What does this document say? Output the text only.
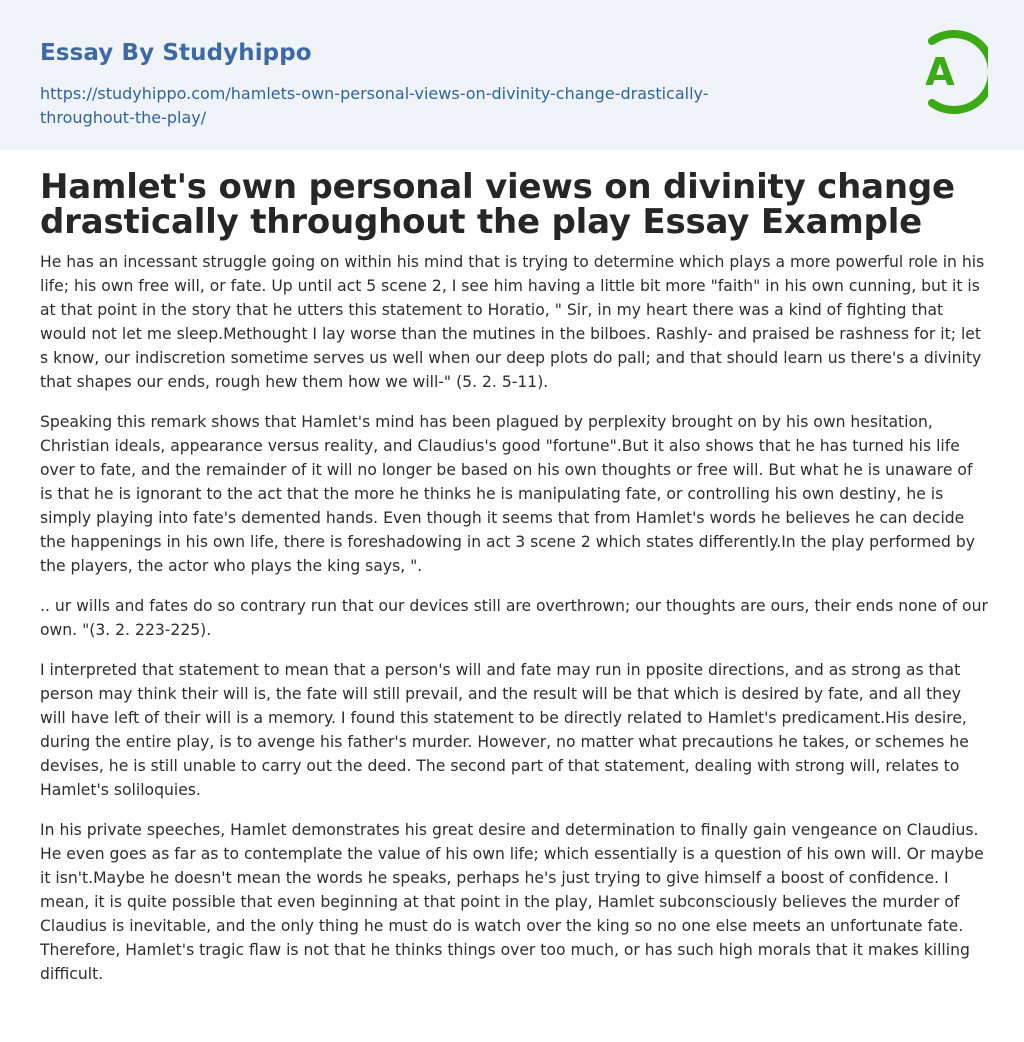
Essay By Studyhippo
https://studyhippo.com/hamlets-own-personal-views-on-divinity-change-drastically-throughout-the-play/
A
Hamlet's own personal views on divinity change drastically throughout the play Essay Example

He has an incessant struggle going on within his mind that is trying to determine which plays a more powerful role in his life; his own free will, or fate. Up until act 5 scene 2, I see him having a little bit more "faith" in his own cunning, but it is at that point in the story that he utters this statement to Horatio, " Sir, in my heart there was a kind of fighting that would not let me sleep.Methought I lay worse than the mutines in the bilboes. Rashly- and praised be rashness for it; let s know, our indiscretion sometime serves us well when our deep plots do pall; and that should learn us there's a divinity that shapes our ends, rough hew them how we will-" (5. 2. 5-11).

Speaking this remark shows that Hamlet's mind has been plagued by perplexity brought on by his own hesitation, Christian ideals, appearance versus reality, and Claudius's good "fortune".But it also shows that he has turned his life over to fate, and the remainder of it will no longer be based on his own thoughts or free will. But what he is unaware of is that he is ignorant to the act that the more he thinks he is manipulating fate, or controlling his own destiny, he is simply playing into fate's demented hands. Even though it seems that from Hamlet's words he believes he can decide the happenings in his own life, there is foreshadowing in act 3 scene 2 which states differently.In the play performed by the players, the actor who plays the king says, ".

.. ur wills and fates do so contrary run that our devices still are overthrown; our thoughts are ours, their ends none of our own. "(3. 2. 223-225).

I interpreted that statement to mean that a person's will and fate may run in pposite directions, and as strong as that person may think their will is, the fate will still prevail, and the result will be that which is desired by fate, and all they will have left of their will is a memory. I found this statement to be directly related to Hamlet's predicament.His desire, during the entire play, is to avenge his father's murder. However, no matter what precautions he takes, or schemes he devises, he is still unable to carry out the deed. The second part of that statement, dealing with strong will, relates to Hamlet's soliloquies.

In his private speeches, Hamlet demonstrates his great desire and determination to finally gain vengeance on Claudius. He even goes as far as to contemplate the value of his own life; which essentially is a question of his own will. Or maybe it isn't.Maybe he doesn't mean the words he speaks, perhaps he's just trying to give himself a boost of confidence. I mean, it is quite possible that even beginning at that point in the play, Hamlet subconsciously believes the murder of Claudius is inevitable, and the only thing he must do is watch over the king so no one else meets an unfortunate fate. Therefore, Hamlet's tragic flaw is not that he thinks things over too much, or has such high morals that it makes killing difficult.
